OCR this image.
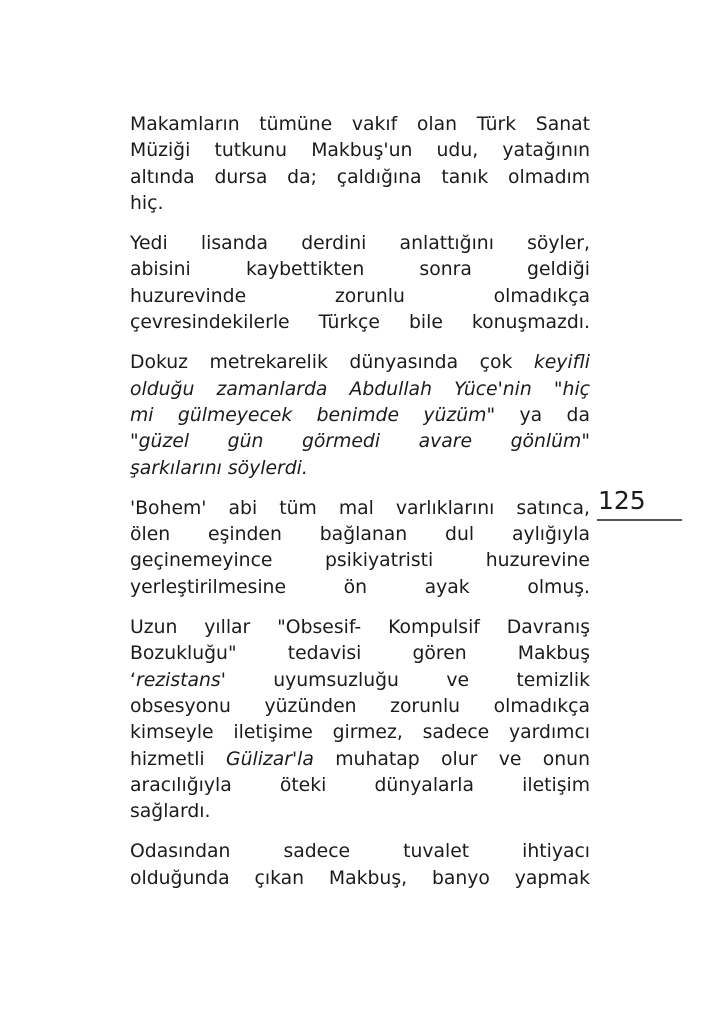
Makamların tümüne vakıf olan Türk Sanat
Müziği tutkunu Makbuş'un udu, yatağının
altında dursa da; çaldığına tanık olmadım
hiç.
Yedi lisanda derdini anlattığını söyler,
abisini kaybettikten sonra geldiği
huzurevinde zorunlu olmadıkça
çevresindekilerle Türkçe bile konuşmazdı.
Dokuz metrekarelik dünyasında çok keyifli
olduğu zamanlarda Abdullah Yüce'nin "hiç
mi gülmeyecek benimde yüzüm" ya da
"güzel gün görmedi avare gönlüm"
şarkılarını söylerdi.
'Bohem' abi tüm mal varlıklarını satınca,
ölen eşinden bağlanan dul aylığıyla
geçinemeyince psikiyatristi huzurevine
yerleştirilmesine ön ayak olmuş.
Uzun yıllar "Obsesif- Kompulsif Davranış
Bozukluğu" tedavisi gören Makbuş
‘rezistans' uyumsuzluğu ve temizlik
obsesyonu yüzünden zorunlu olmadıkça
kimseyle iletişime girmez, sadece yardımcı
hizmetli Gülizar'la muhatap olur ve onun
aracılığıyla öteki dünyalarla iletişim
sağlardı.
Odasından sadece tuvalet ihtiyacı
olduğunda çıkan Makbuş, banyo yapmak
125
